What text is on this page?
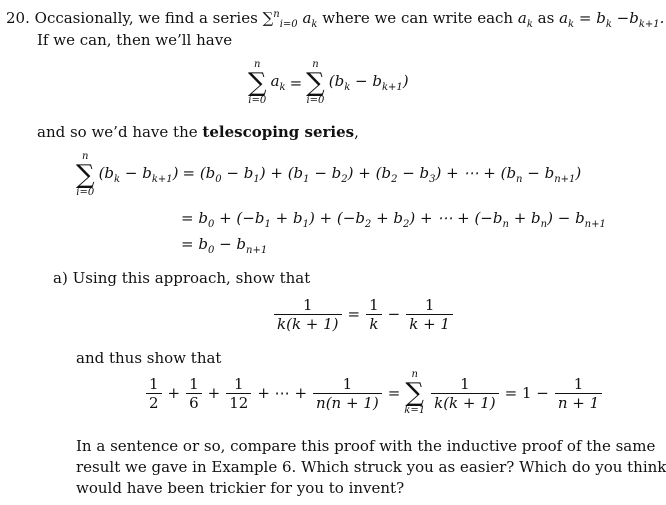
20. Occasionally, we find a series ∑$^n_{i=0}$ $a_k$ where we can write each $a_k$ as $a_k = b_k -b_{k+1}$.
If we can, then we’ll have
n
∑
i=0
$a_k$ =
n
∑
i=0
$(b_k - b_{k+1})$
and so we’d have the telescoping series,
n
∑
i=0
$(b_k - b_{k+1}) = (b_0 - b_1) + (b_1 - b_2) + (b_2 - b_3)$ + ⋯ + $(b_n - b_{n+1})$
= $b_0 + (-b_1 + b_1) + (-b_2 + b_2)$ + ⋯ + $(-b_n + b_n) - b_{n+1}$
= $b_0 - b_{n+1}$
a) Using this approach, show that
$\frac{1}{k(k + 1)} = \frac{1}{k} - \frac{1}{k + 1}$
and thus show that
$\frac{1}{2} + \frac{1}{6} + \frac{1}{12}$ + ⋯ + $\frac{1}{n(n + 1)}$ =
n
∑
$k=1 \frac{1}{k(k + 1)} = 1 - \frac{1}{n + 1}$
In a sentence or so, compare this proof with the inductive proof of the same
result we gave in Example 6. Which struck you as easier? Which do you think
would have been trickier for you to invent?
